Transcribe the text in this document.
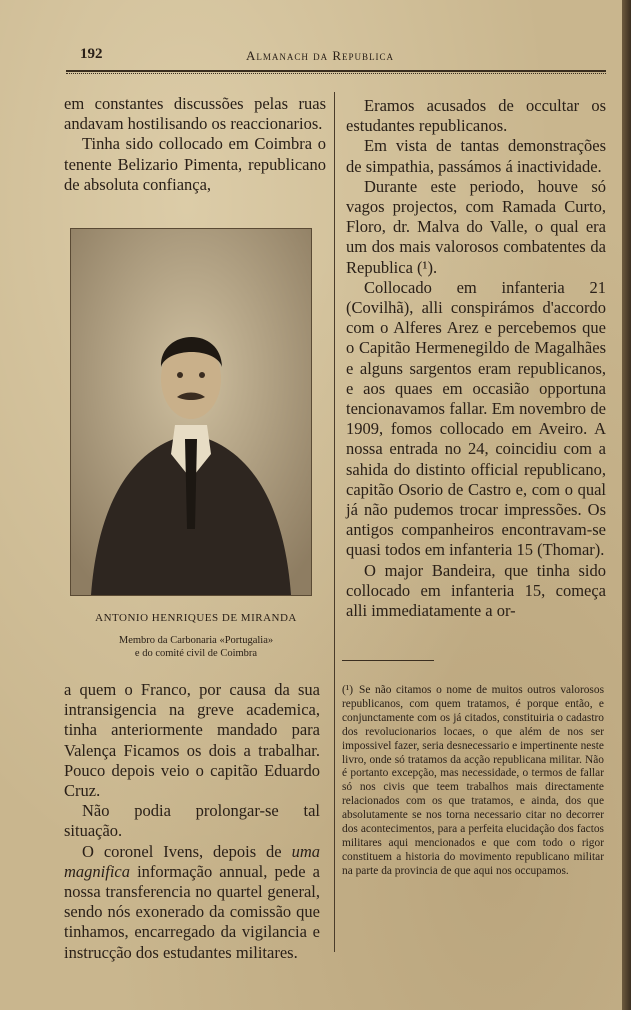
192	Almanach da Republica

em constantes discussões pelas ruas andavam hostilisando os reaccionarios.

Tinha sido collocado em Coimbra o tenente Belizario Pimenta, republicano de absoluta confiança,

ANTONIO HENRIQUES DE MIRANDA
Membro da Carbonaria «Portugalia»
e do comité civil de Coimbra

a quem o Franco, por causa da sua intransigencia na greve academica, tinha anteriormente mandado para Valença Ficamos os dois a trabalhar. Pouco depois veio o capitão Eduardo Cruz.

Não podia prolongar-se tal situação.

O coronel Ivens, depois de uma magnifica informação annual, pede a nossa transferencia no quartel general, sendo nós exonerado da comissão que tinhamos, encarregado da vigilancia e instrucção dos estudantes militares.

Eramos acusados de occultar os estudantes republicanos.

Em vista de tantas demonstrações de simpathia, passámos á inactividade.

Durante este periodo, houve só vagos projectos, com Ramada Curto, Floro, dr. Malva do Valle, o qual era um dos mais valorosos combatentes da Republica (¹).

Collocado em infanteria 21 (Covilhã), alli conspirámos d'accordo com o Alferes Arez e percebemos que o Capitão Hermenegildo de Magalhães e alguns sargentos eram republicanos, e aos quaes em occasião opportuna tencionavamos fallar. Em novembro de 1909, fomos collocado em Aveiro. A nossa entrada no 24, coincidiu com a sahida do distinto official republicano, capitão Osorio de Castro e, com o qual já não pudemos trocar impressões. Os antigos companheiros encontravam-se quasi todos em infanteria 15 (Thomar).

O major Bandeira, que tinha sido collocado em infanteria 15, começa alli immediatamente a or-

(¹) Se não citamos o nome de muitos outros valorosos republicanos, com quem tratamos, é porque então, e conjunctamente com os já citados, constituiria o cadastro dos revolucionarios locaes, o que além de nos ser impossivel fazer, seria desnecessario e impertinente neste livro, onde só tratamos da acção republicana militar. Não é portanto excepção, mas necessidade, o termos de fallar só nos civis que teem trabalhos mais directamente relacionados com os que tratamos, e ainda, dos que absolutamente se nos torna necessario citar no decorrer dos acontecimentos, para a perfeita elucidação dos factos militares aqui mencionados e que com todo o rigor constituem a historia do movimento republicano militar na parte da provincia de que aqui nos occupamos.
